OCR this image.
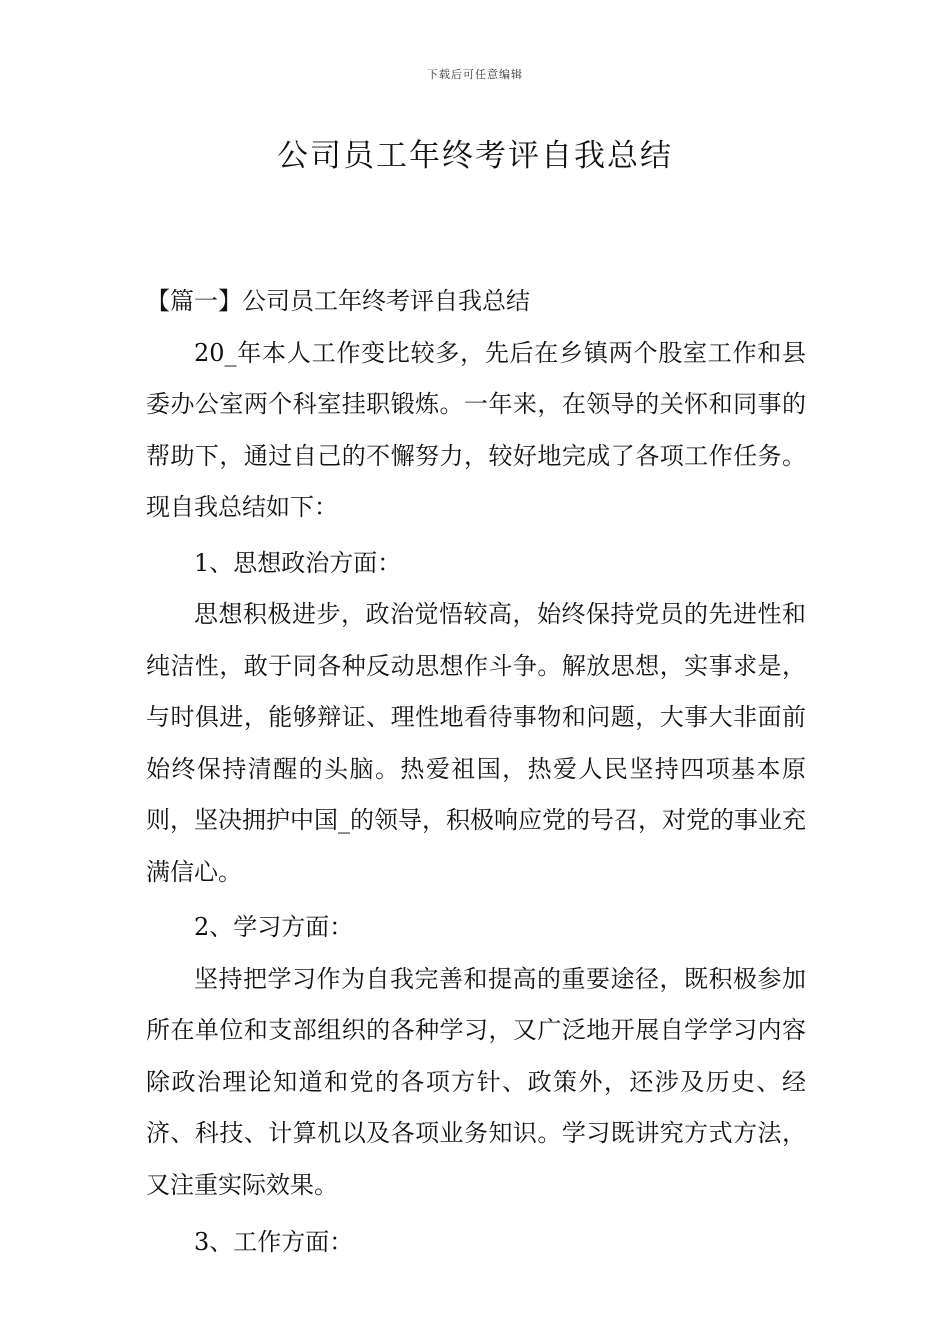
下载后可任意编辑
公司员工年终考评自我总结

【篇一】公司员工年终考评自我总结

20_年本人工作变比较多，先后在乡镇两个股室工作和县委办公室两个科室挂职锻炼。一年来，在领导的关怀和同事的帮助下，通过自己的不懈努力，较好地完成了各项工作任务。现自我总结如下：

1、思想政治方面：

思想积极进步，政治觉悟较高，始终保持党员的先进性和纯洁性，敢于同各种反动思想作斗争。解放思想，实事求是，与时俱进，能够辩证、理性地看待事物和问题，大事大非面前始终保持清醒的头脑。热爱祖国，热爱人民坚持四项基本原则，坚决拥护中国_的领导，积极响应党的号召，对党的事业充满信心。

2、学习方面：

坚持把学习作为自我完善和提高的重要途径，既积极参加所在单位和支部组织的各种学习，又广泛地开展自学学习内容除政治理论知道和党的各项方针、政策外，还涉及历史、经济、科技、计算机以及各项业务知识。学习既讲究方式方法，又注重实际效果。

3、工作方面：
